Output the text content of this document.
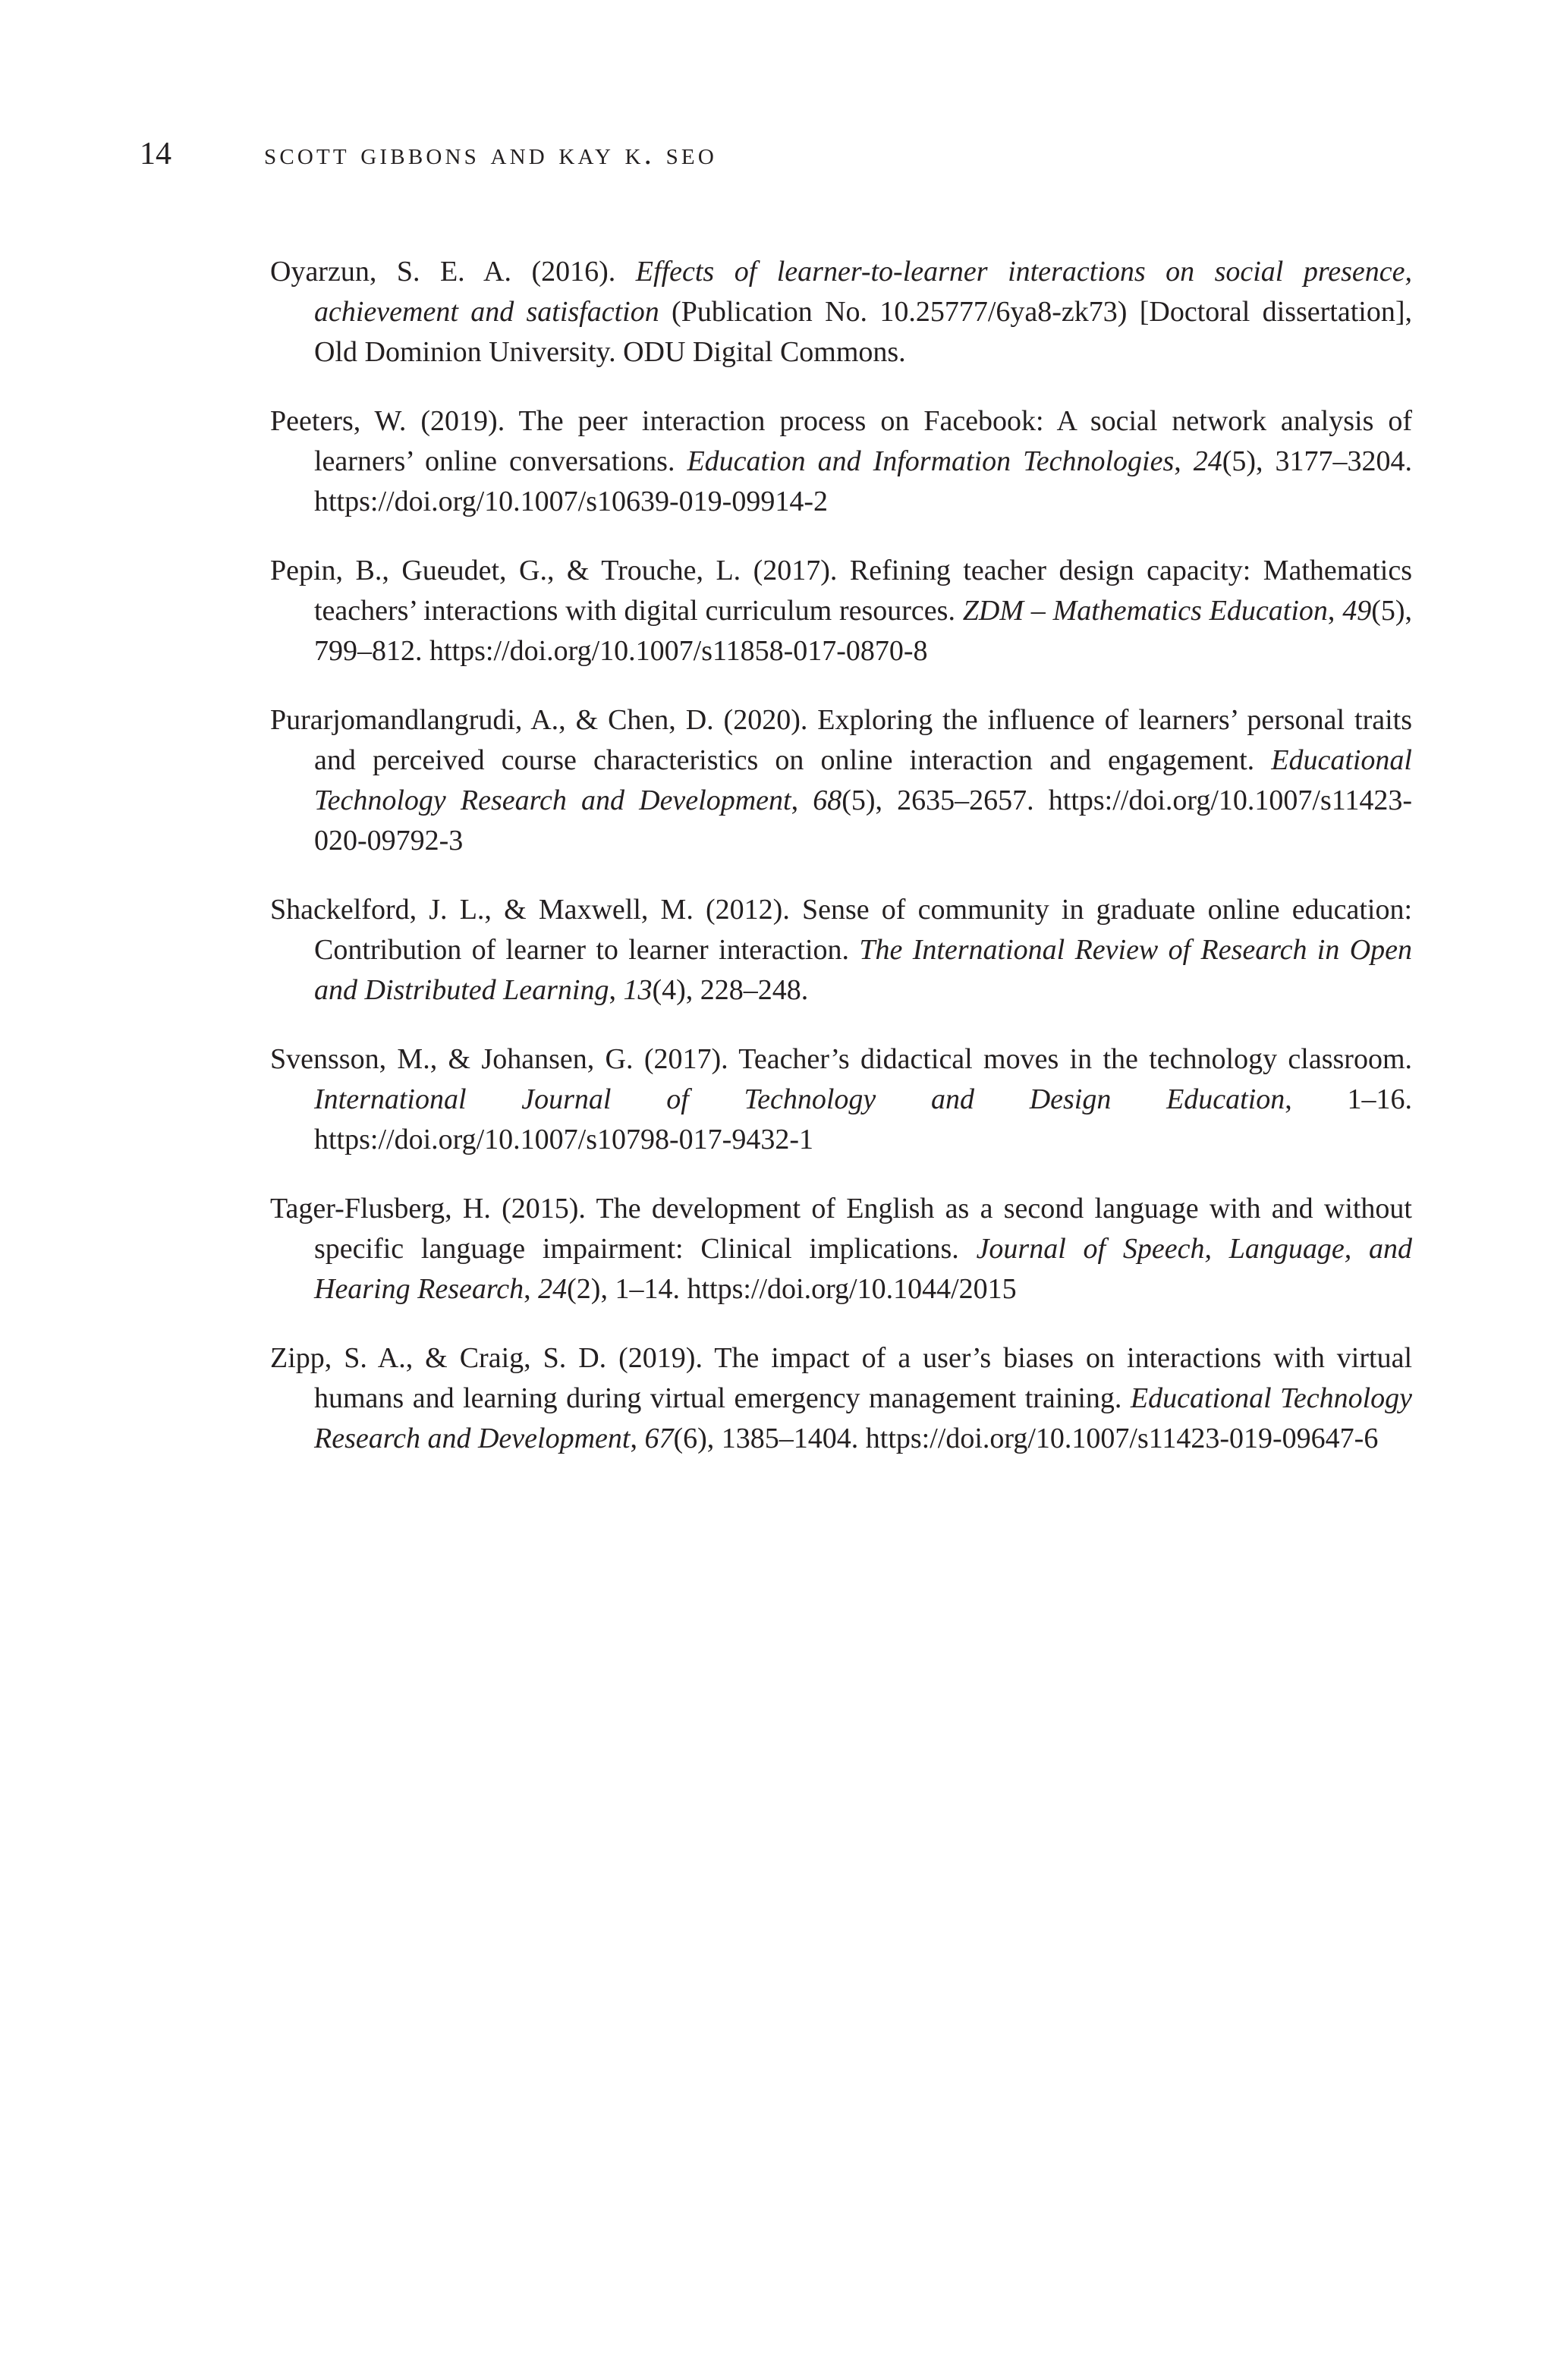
14	scott gibbons and kay k. seo

Oyarzun, S. E. A. (2016). Effects of learner-to-learner interactions on social presence, achievement and satisfaction (Publication No. 10.25777/6ya8-zk73) [Doctoral dissertation], Old Dominion University. ODU Digital Commons.

Peeters, W. (2019). The peer interaction process on Facebook: A social network analysis of learners’ online conversations. Education and Information Technologies, 24(5), 3177–3204. https://doi.org/10.1007/s10639-019-09914-2

Pepin, B., Gueudet, G., & Trouche, L. (2017). Refining teacher design capacity: Mathematics teachers’ interactions with digital curriculum resources. ZDM – Mathematics Education, 49(5), 799–812. https://doi.org/10.1007/s11858-017-0870-8

Purarjomandlangrudi, A., & Chen, D. (2020). Exploring the influence of learners’ personal traits and perceived course characteristics on online interaction and engagement. Educational Technology Research and Development, 68(5), 2635–2657. https://doi.org/10.1007/s11423-020-09792-3

Shackelford, J. L., & Maxwell, M. (2012). Sense of community in graduate online education: Contribution of learner to learner interaction. The International Review of Research in Open and Distributed Learning, 13(4), 228–248.

Svensson, M., & Johansen, G. (2017). Teacher’s didactical moves in the technology classroom. International Journal of Technology and Design Education, 1–16. https://doi.org/10.1007/s10798-017-9432-1

Tager-Flusberg, H. (2015). The development of English as a second language with and without specific language impairment: Clinical implications. Journal of Speech, Language, and Hearing Research, 24(2), 1–14. https://doi.org/10.1044/2015

Zipp, S. A., & Craig, S. D. (2019). The impact of a user’s biases on interactions with virtual humans and learning during virtual emergency management training. Educational Technology Research and Development, 67(6), 1385–1404. https://doi.org/10.1007/s11423-019-09647-6
